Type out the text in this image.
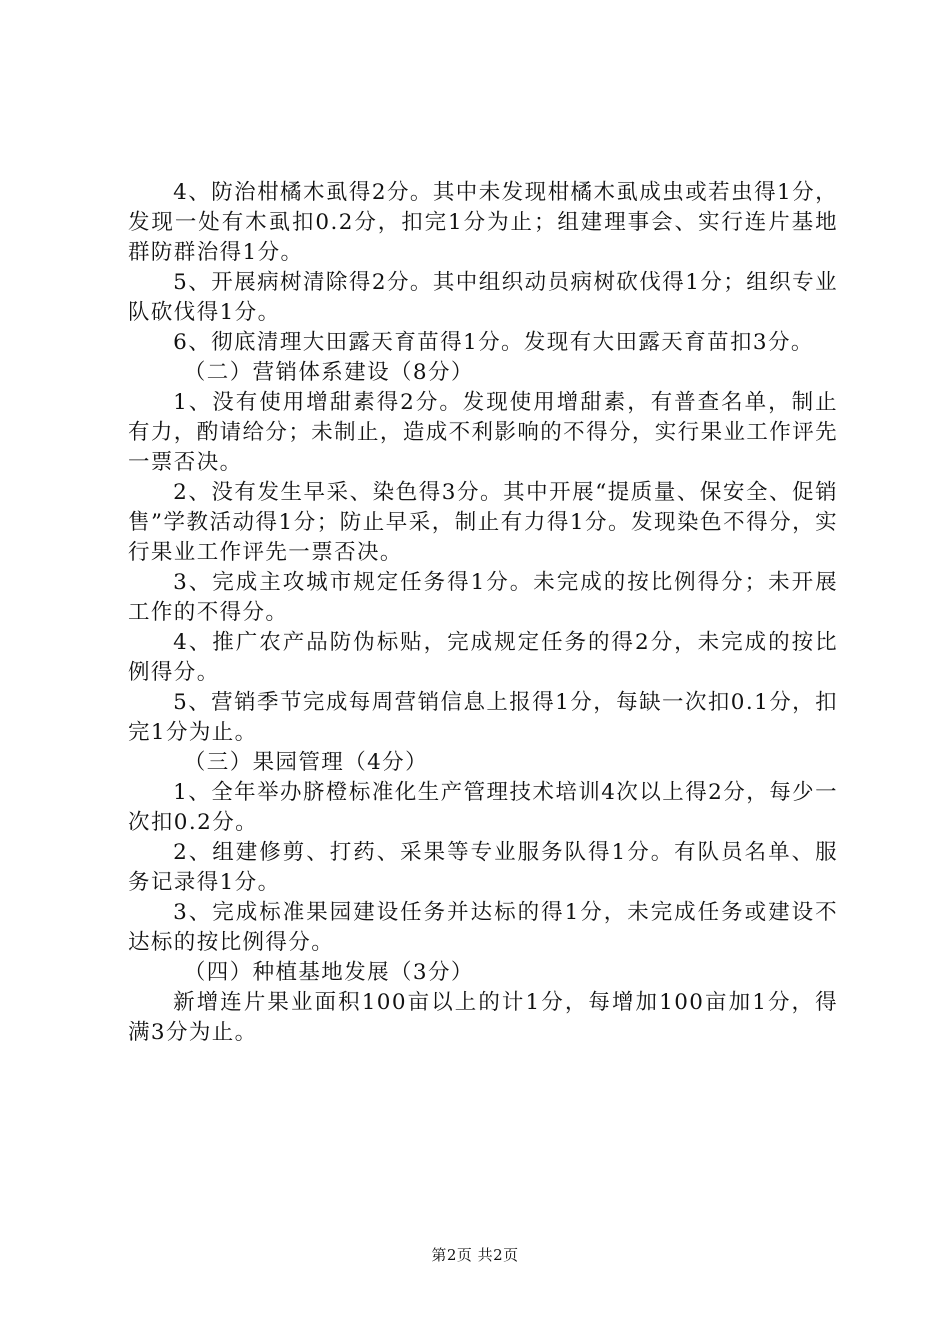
4、防治柑橘木虱得2分。其中未发现柑橘木虱成虫或若虫得1分，发现一处有木虱扣0.2分，扣完1分为止；组建理事会、实行连片基地群防群治得1分。

5、开展病树清除得2分。其中组织动员病树砍伐得1分；组织专业队砍伐得1分。

6、彻底清理大田露天育苗得1分。发现有大田露天育苗扣3分。

（二）营销体系建设（8分）

1、没有使用增甜素得2分。发现使用增甜素，有普查名单，制止有力，酌请给分；未制止，造成不利影响的不得分，实行果业工作评先一票否决。

2、没有发生早采、染色得3分。其中开展“提质量、保安全、促销售”学教活动得1分；防止早采，制止有力得1分。发现染色不得分，实行果业工作评先一票否决。

3、完成主攻城市规定任务得1分。未完成的按比例得分；未开展工作的不得分。

4、推广农产品防伪标贴，完成规定任务的得2分，未完成的按比例得分。

5、营销季节完成每周营销信息上报得1分，每缺一次扣0.1分，扣完1分为止。

（三）果园管理（4分）

1、全年举办脐橙标准化生产管理技术培训4次以上得2分，每少一次扣0.2分。

2、组建修剪、打药、采果等专业服务队得1分。有队员名单、服务记录得1分。

3、完成标准果园建设任务并达标的得1分，未完成任务或建设不达标的按比例得分。

（四）种植基地发展（3分）

新增连片果业面积100亩以上的计1分，每增加100亩加1分，得满3分为止。

第2页 共2页
